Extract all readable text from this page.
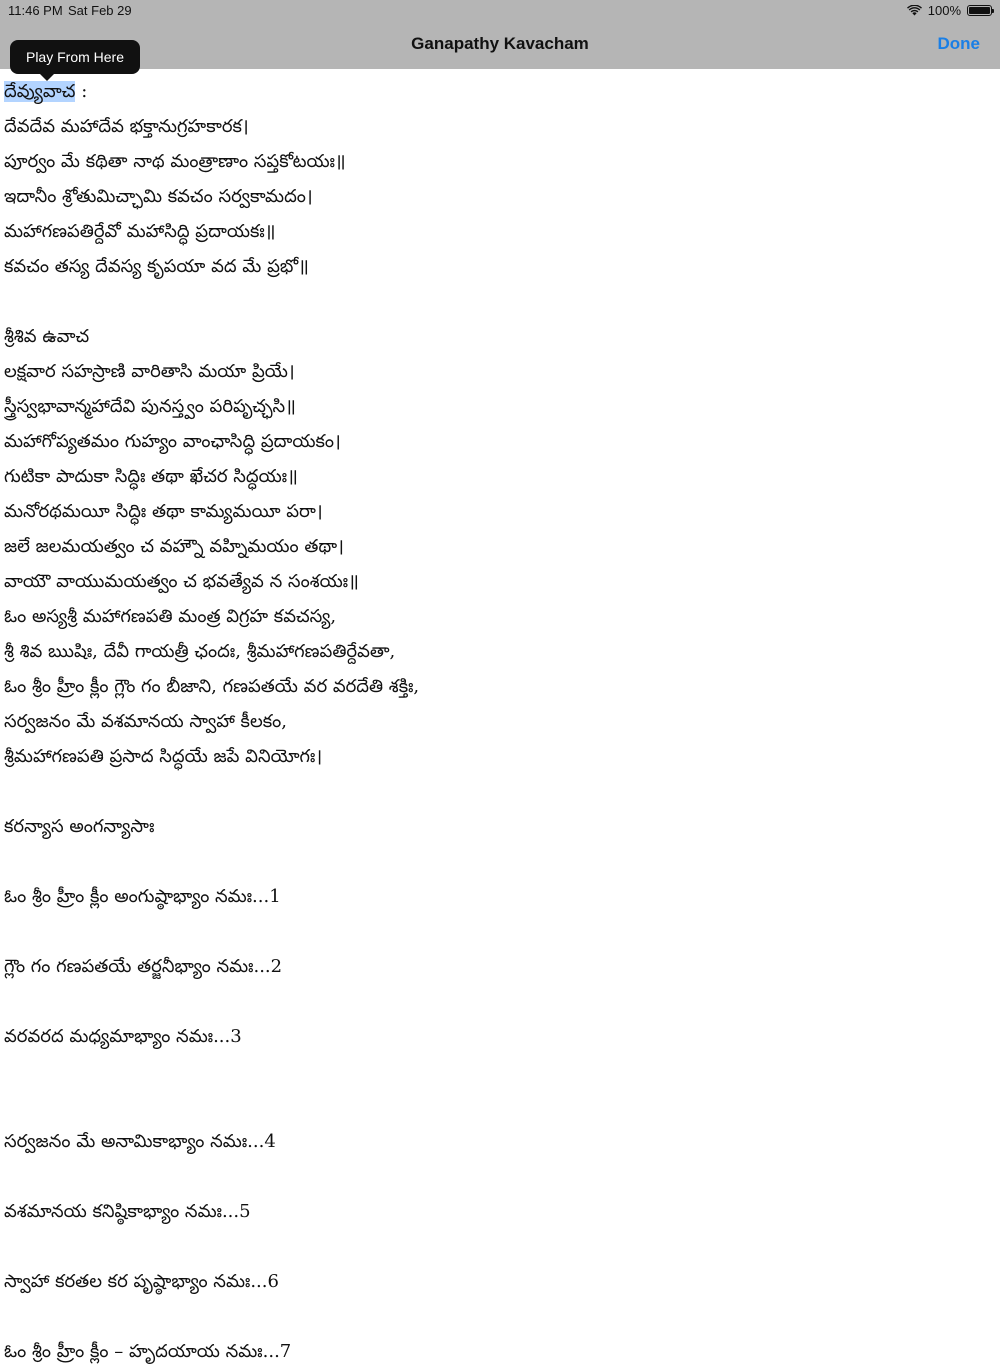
11:46 PM Sat Feb 29	100%
Ganapathy Kavacham	Done
Play From Here
దేవ్యువాచ :
దేవదేవ మహాదేవ భక్తానుగ్రహకారక।
పూర్వం మే కథితా నాథ మంత్రాణాం సప్తకోటయః॥
ఇదానీం శ్రోతుమిచ్ఛామి కవచం సర్వకామదం।
మహాగణపతిర్దేవో మహాసిద్ధి ప్రదాయకః॥
కవచం తస్య దేవస్య కృపయా వద మే ప్రభో॥
శ్రీశివ ఉవాచ
లక్షవార సహస్రాణి వారితాసి మయా ప్రియే।
స్త్రీస్వభావాన్మహాదేవి పునస్త్వం పరిపృచ్ఛసి॥
మహాగోప్యతమం గుహ్యం వాంఛాసిద్ధి ప్రదాయకం।
గుటికా పాదుకా సిద్ధిః తథా ఖేచర సిద్ధయః॥
మనోరథమయీ సిద్ధిః తథా కామ్యమయీ పరా।
జలే జలమయత్వం చ వహ్నౌ వహ్నిమయం తథా।
వాయౌ వాయుమయత్వం చ భవత్యేవ న సంశయః॥
ఓం అస్యశ్రీ మహాగణపతి మంత్ర విగ్రహ కవచస్య,
శ్రీ శివ ఋషిః, దేవీ గాయత్రీ ఛందః, శ్రీమహాగణపతిర్దేవతా,
ఓం శ్రీం హ్రీం క్లీం గ్లౌం గం బీజాని, గణపతయే వర వరదేతి శక్తిః,
సర్వజనం మే వశమానయ స్వాహా కీలకం,
శ్రీమహాగణపతి ప్రసాద సిద్ధయే జపే వినియోగః।
కరన్యాస అంగన్యాసాః
ఓం శ్రీం హ్రీం క్లీం అంగుష్ఠాభ్యాం నమః...1
గ్లౌం గం గణపతయే తర్జనీభ్యాం నమః...2
వరవరద మధ్యమాభ్యాం నమః...3
సర్వజనం మే అనామికాభ్యాం నమః...4
వశమానయ కనిష్ఠికాభ్యాం నమః...5
స్వాహా కరతల కర పృష్ఠాభ్యాం నమః...6
ఓం శ్రీం హ్రీం క్లీం – హృదయాయ నమః...7
